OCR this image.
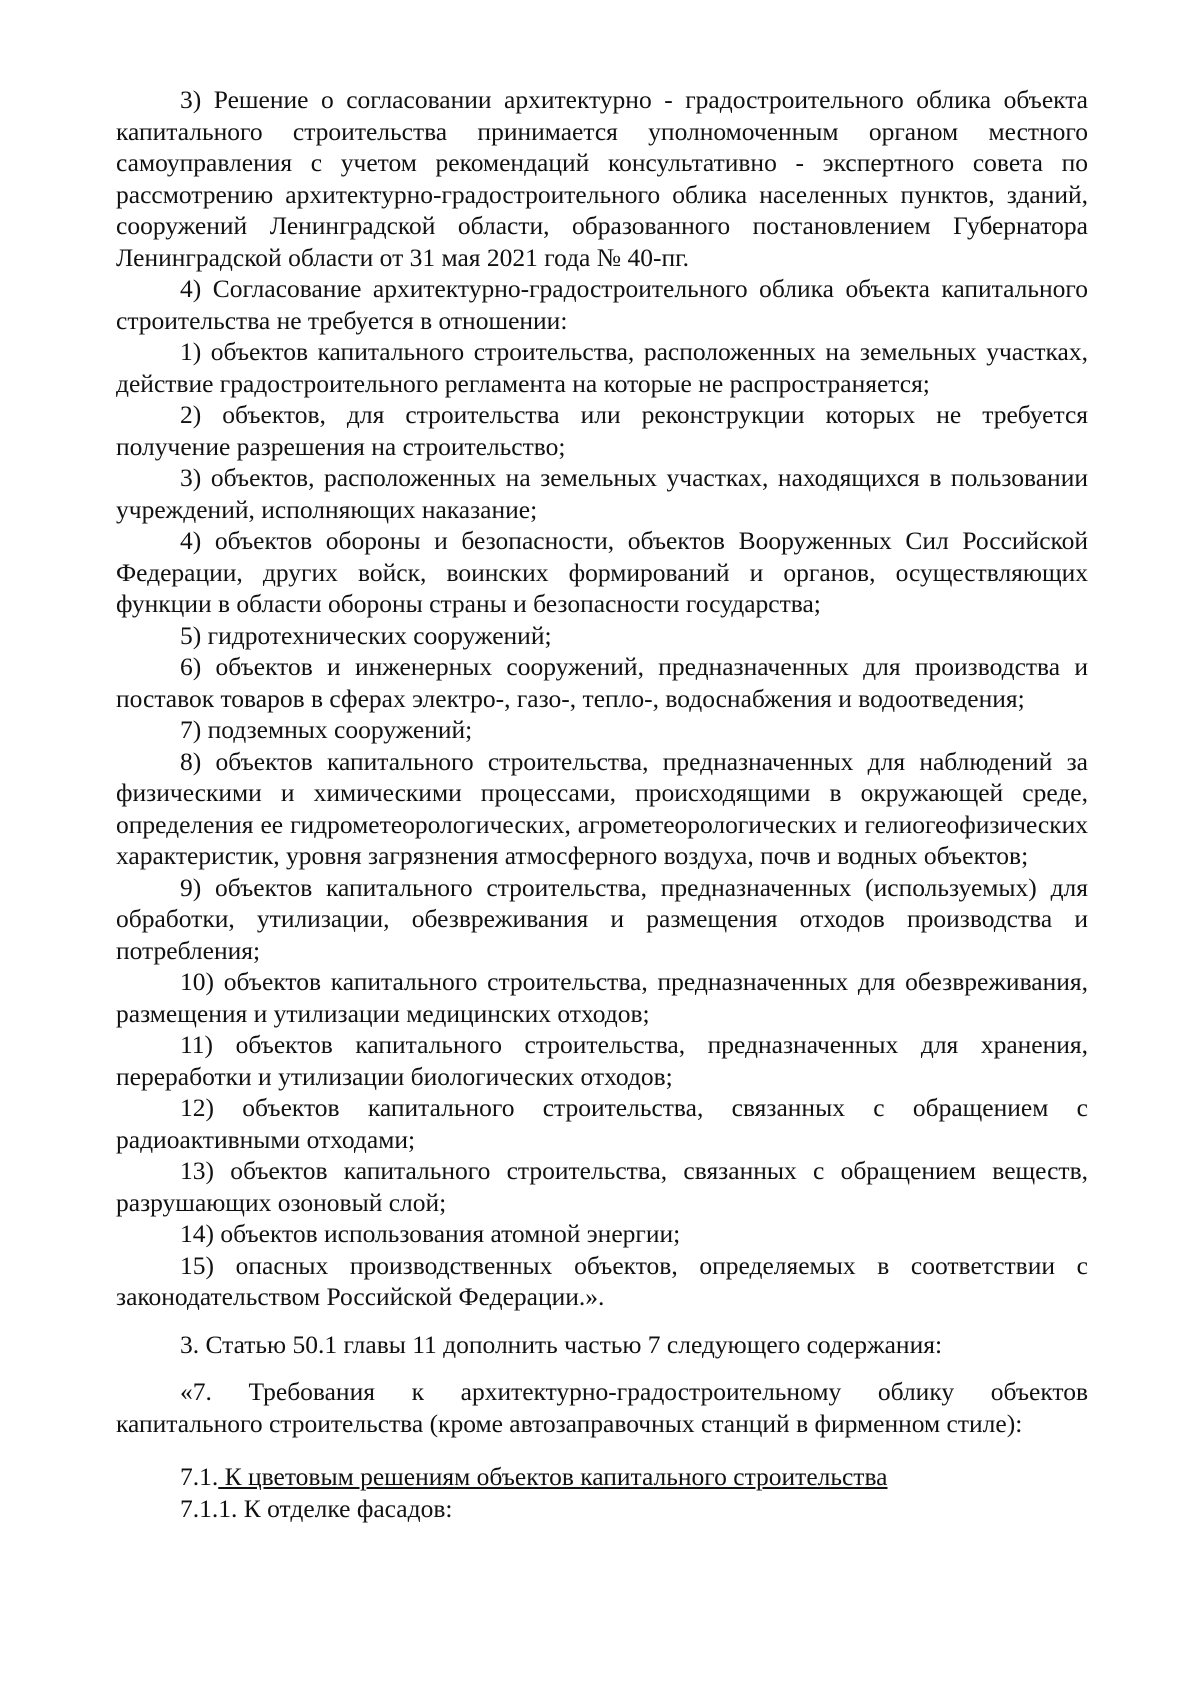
3) Решение о согласовании архитектурно - градостроительного облика объекта капитального строительства принимается уполномоченным органом местного самоуправления с учетом рекомендаций консультативно - экспертного совета по рассмотрению архитектурно-градостроительного облика населенных пунктов, зданий, сооружений Ленинградской области, образованного постановлением Губернатора Ленинградской области от 31 мая 2021 года № 40-пг.

4) Согласование архитектурно-градостроительного облика объекта капитального строительства не требуется в отношении:

1) объектов капитального строительства, расположенных на земельных участках, действие градостроительного регламента на которые не распространяется;

2) объектов, для строительства или реконструкции которых не требуется получение разрешения на строительство;

3) объектов, расположенных на земельных участках, находящихся в пользовании учреждений, исполняющих наказание;

4) объектов обороны и безопасности, объектов Вооруженных Сил Российской Федерации, других войск, воинских формирований и органов, осуществляющих функции в области обороны страны и безопасности государства;

5) гидротехнических сооружений;

6) объектов и инженерных сооружений, предназначенных для производства и поставок товаров в сферах электро-, газо-, тепло-, водоснабжения и водоотведения;

7) подземных сооружений;

8) объектов капитального строительства, предназначенных для наблюдений за физическими и химическими процессами, происходящими в окружающей среде, определения ее гидрометеорологических, агрометеорологических и гелиогеофизических характеристик, уровня загрязнения атмосферного воздуха, почв и водных объектов;

9) объектов капитального строительства, предназначенных (используемых) для обработки, утилизации, обезвреживания и размещения отходов производства и потребления;

10) объектов капитального строительства, предназначенных для обезвреживания, размещения и утилизации медицинских отходов;

11) объектов капитального строительства, предназначенных для хранения, переработки и утилизации биологических отходов;

12) объектов капитального строительства, связанных с обращением с радиоактивными отходами;

13) объектов капитального строительства, связанных с обращением веществ, разрушающих озоновый слой;

14) объектов использования атомной энергии;

15) опасных производственных объектов, определяемых в соответствии с законодательством Российской Федерации.».

3. Статью 50.1 главы 11 дополнить частью 7 следующего содержания:

«7. Требования к архитектурно-градостроительному облику объектов капитального строительства (кроме автозаправочных станций в фирменном стиле):

7.1. К цветовым решениям объектов капитального строительства

7.1.1. К отделке фасадов:
